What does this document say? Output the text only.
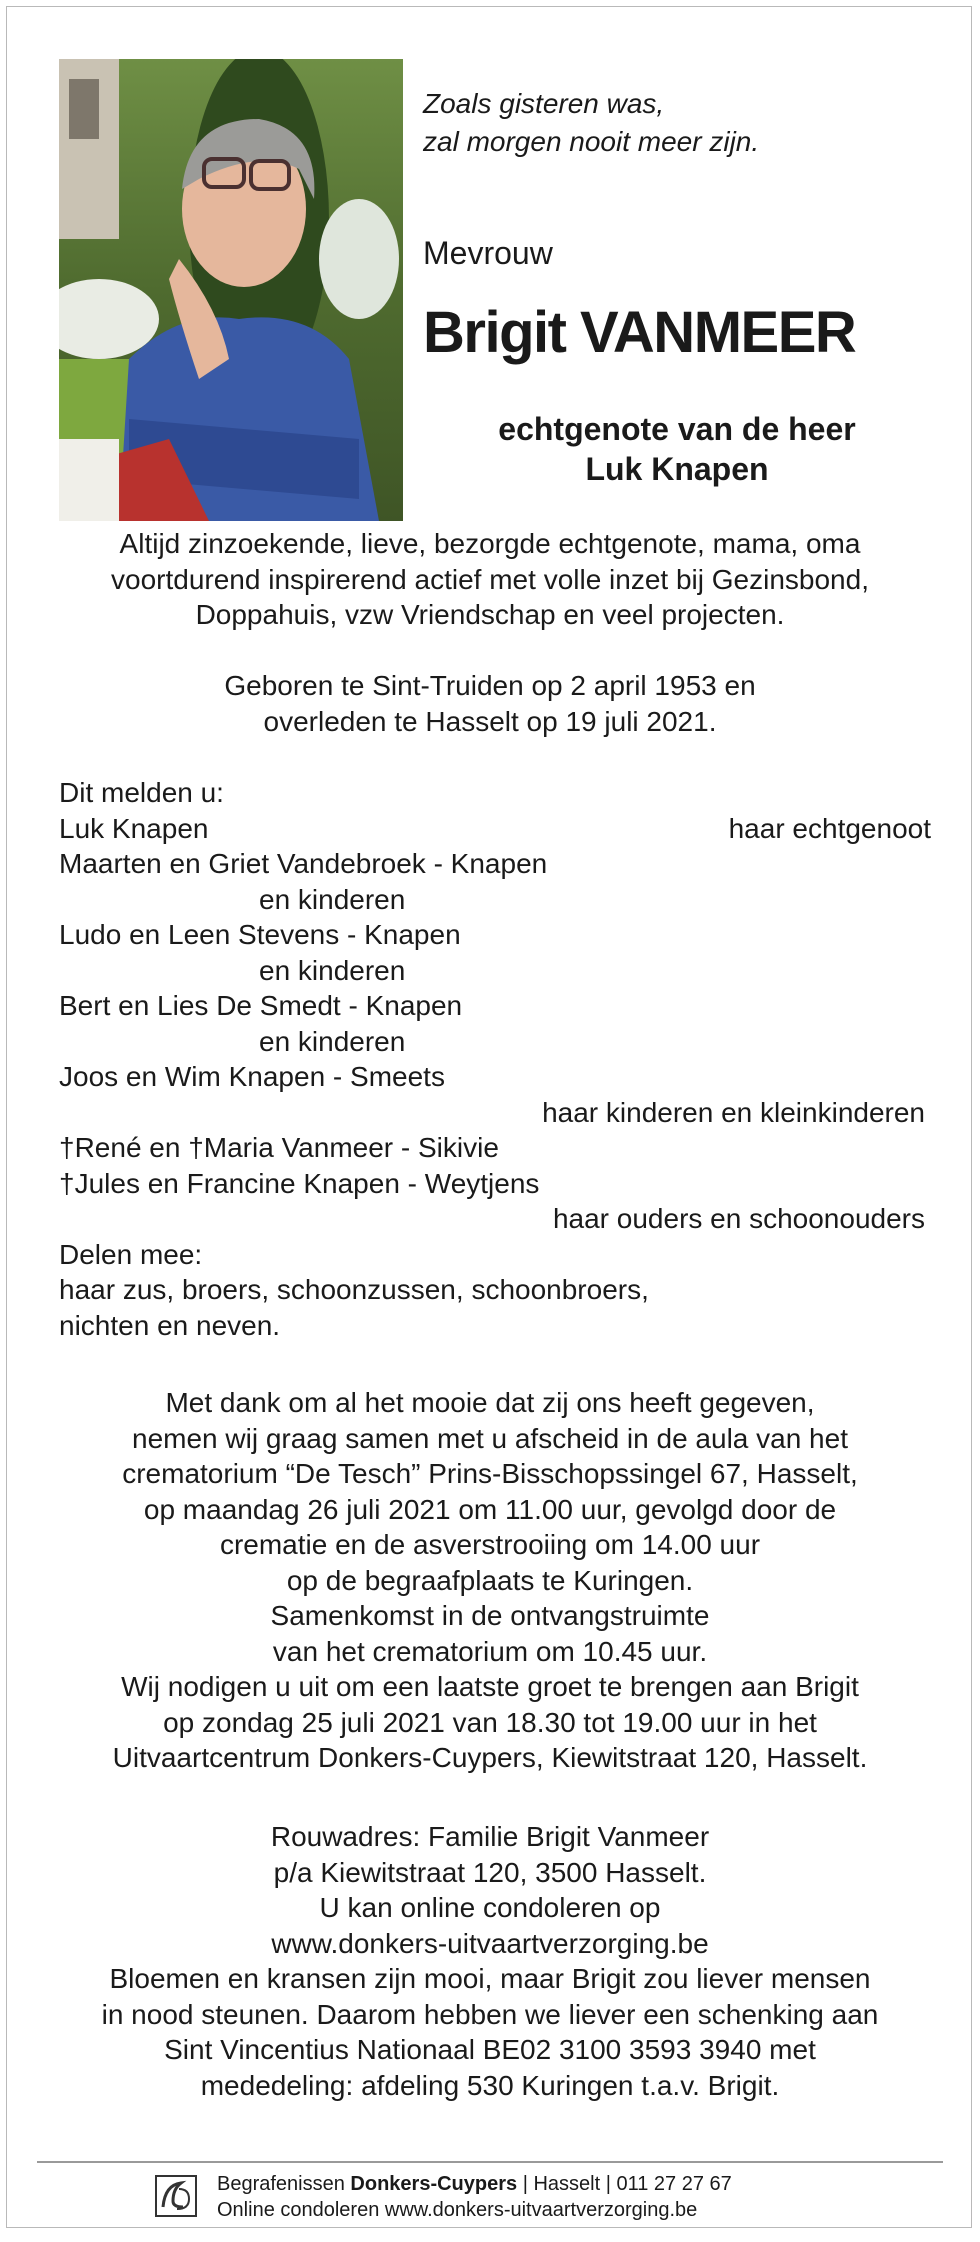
Zoals gisteren was,
zal morgen nooit meer zijn.
Mevrouw
Brigit VANMEER
echtgenote van de heer
Luk Knapen
Altijd zinzoekende, lieve, bezorgde echtgenote, mama, oma
voortdurend inspirerend actief met volle inzet bij Gezinsbond,
Doppahuis, vzw Vriendschap en veel projecten.
Geboren te Sint-Truiden op 2 april 1953 en
overleden te Hasselt op 19 juli 2021.
Dit melden u:
Luk Knapen	haar echtgenoot
Maarten en Griet Vandebroek - Knapen
en kinderen
Ludo en Leen Stevens - Knapen
en kinderen
Bert en Lies De Smedt - Knapen
en kinderen
Joos en Wim Knapen - Smeets
haar kinderen en kleinkinderen
†René en †Maria Vanmeer - Sikivie
†Jules en Francine Knapen - Weytjens
haar ouders en schoonouders
Delen mee:
haar zus, broers, schoonzussen, schoonbroers,
nichten en neven.
Met dank om al het mooie dat zij ons heeft gegeven,
nemen wij graag samen met u afscheid in de aula van het
crematorium “De Tesch” Prins-Bisschopssingel 67, Hasselt,
op maandag 26 juli 2021 om 11.00 uur, gevolgd door de
crematie en de asverstrooiing om 14.00 uur
op de begraafplaats te Kuringen.
Samenkomst in de ontvangstruimte
van het crematorium om 10.45 uur.
Wij nodigen u uit om een laatste groet te brengen aan Brigit
op zondag 25 juli 2021 van 18.30 tot 19.00 uur in het
Uitvaartcentrum Donkers-Cuypers, Kiewitstraat 120, Hasselt.
Rouwadres: Familie Brigit Vanmeer
p/a Kiewitstraat 120, 3500 Hasselt.
U kan online condoleren op
www.donkers-uitvaartverzorging.be
Bloemen en kransen zijn mooi, maar Brigit zou liever mensen
in nood steunen. Daarom hebben we liever een schenking aan
Sint Vincentius Nationaal BE02 3100 3593 3940 met
mededeling: afdeling 530 Kuringen t.a.v. Brigit.
Begrafenissen Donkers-Cuypers | Hasselt | 011 27 27 67
Online condoleren www.donkers-uitvaartverzorging.be
